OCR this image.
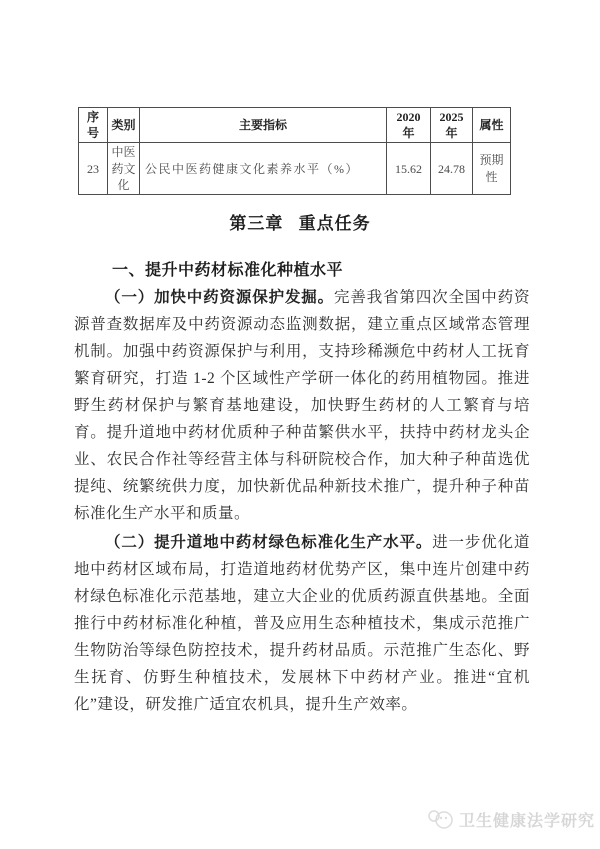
序号	类别	主要指标	2020 年	2025 年	属性
23	中医药文化	公民中医药健康文化素养水平（%）	15.62	24.78	预期性
第三章 重点任务
一、提升中药材标准化种植水平

（一）加快中药资源保护发掘。完善我省第四次全国中药资源普查数据库及中药资源动态监测数据，建立重点区域常态管理机制。加强中药资源保护与利用，支持珍稀濒危中药材人工抚育繁育研究，打造 1-2 个区域性产学研一体化的药用植物园。推进野生药材保护与繁育基地建设，加快野生药材的人工繁育与培育。提升道地中药材优质种子种苗繁供水平，扶持中药材龙头企业、农民合作社等经营主体与科研院校合作，加大种子种苗选优提纯、统繁统供力度，加快新优品种新技术推广，提升种子种苗标准化生产水平和质量。

（二）提升道地中药材绿色标准化生产水平。进一步优化道地中药材区域布局，打造道地药材优势产区，集中连片创建中药材绿色标准化示范基地，建立大企业的优质药源直供基地。全面推行中药材标准化种植，普及应用生态种植技术，集成示范推广生物防治等绿色防控技术，提升药材品质。示范推广生态化、野生抚育、仿野生种植技术，发展林下中药材产业。推进“宜机化”建设，研发推广适宜农机具，提升生产效率。

卫生健康法学研究
